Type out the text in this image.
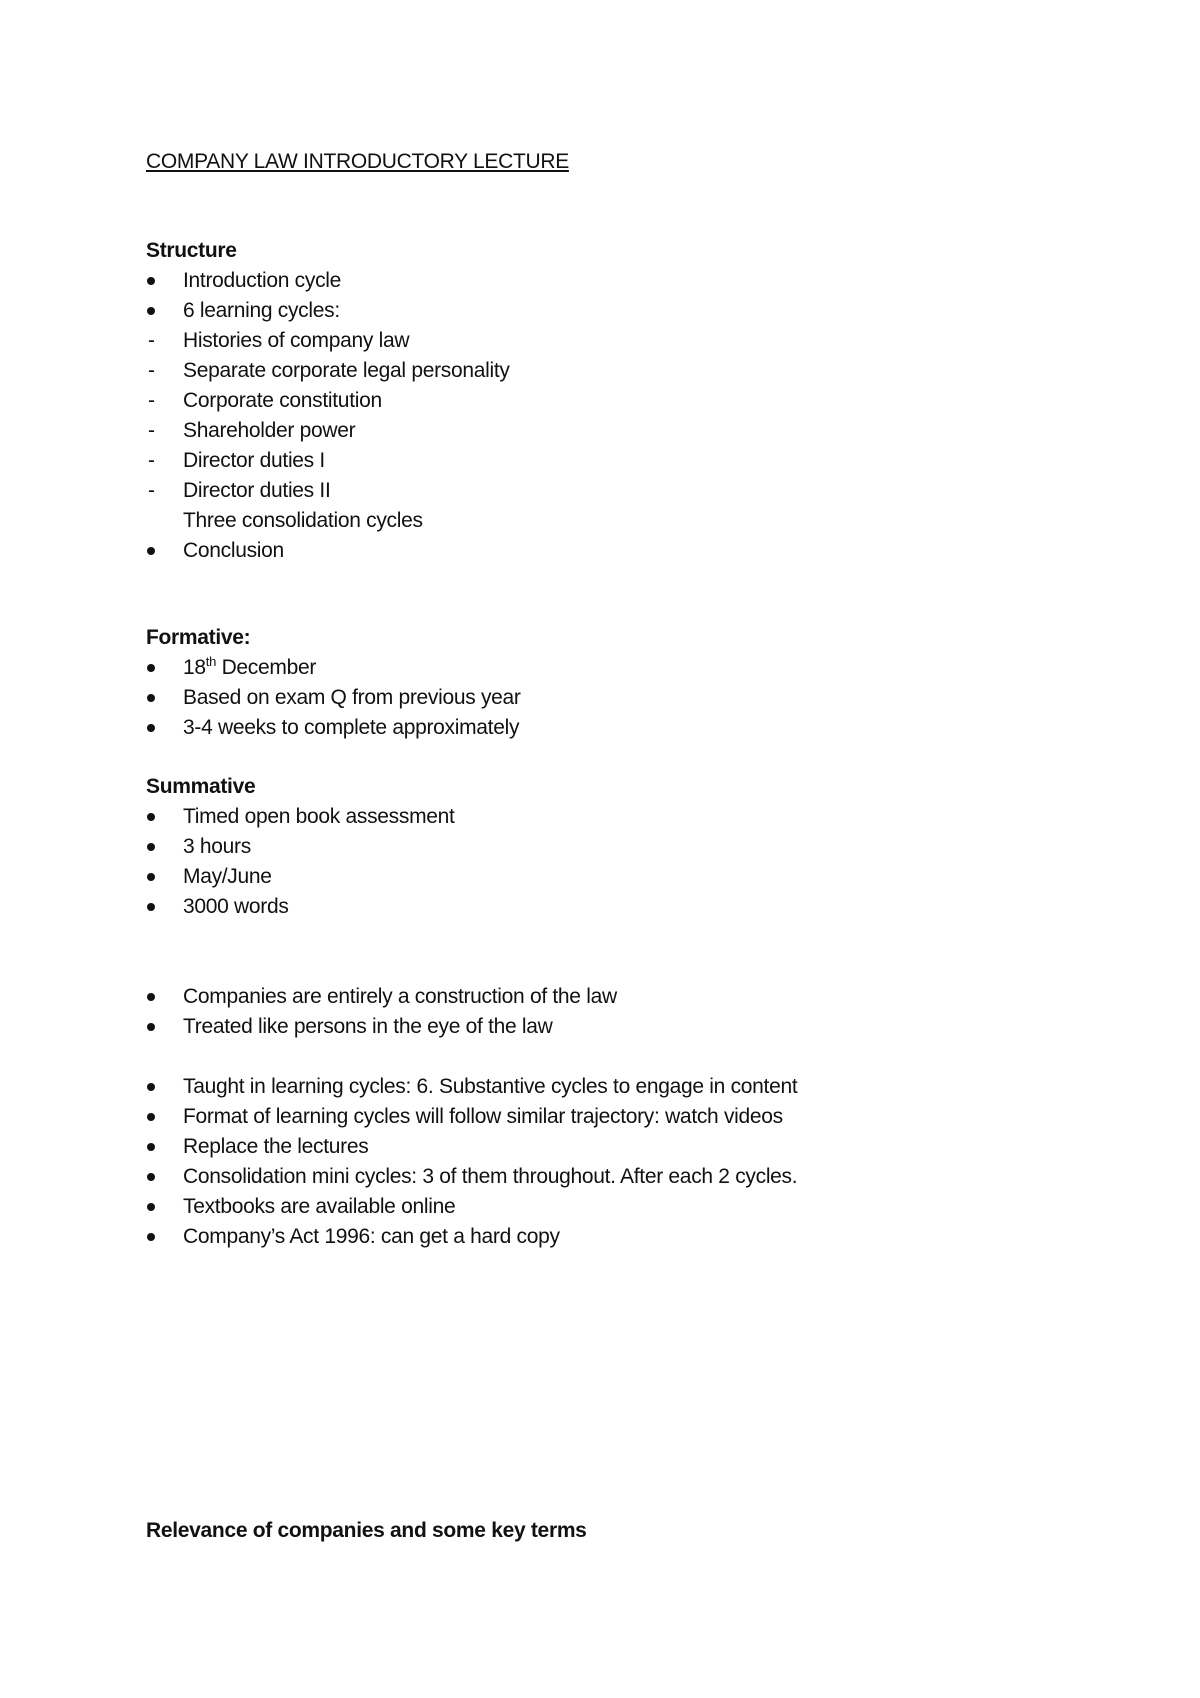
COMPANY LAW INTRODUCTORY LECTURE
Structure
Introduction cycle
6 learning cycles:
- Histories of company law
- Separate corporate legal personality
- Corporate constitution
- Shareholder power
- Director duties I
- Director duties II
Three consolidation cycles
Conclusion
Formative:
18th December
Based on exam Q from previous year
3-4 weeks to complete approximately
Summative
Timed open book assessment
3 hours
May/June
3000 words
Companies are entirely a construction of the law
Treated like persons in the eye of the law
Taught in learning cycles: 6. Substantive cycles to engage in content
Format of learning cycles will follow similar trajectory: watch videos
Replace the lectures
Consolidation mini cycles: 3 of them throughout. After each 2 cycles.
Textbooks are available online
Company’s Act 1996: can get a hard copy
Relevance of companies and some key terms
